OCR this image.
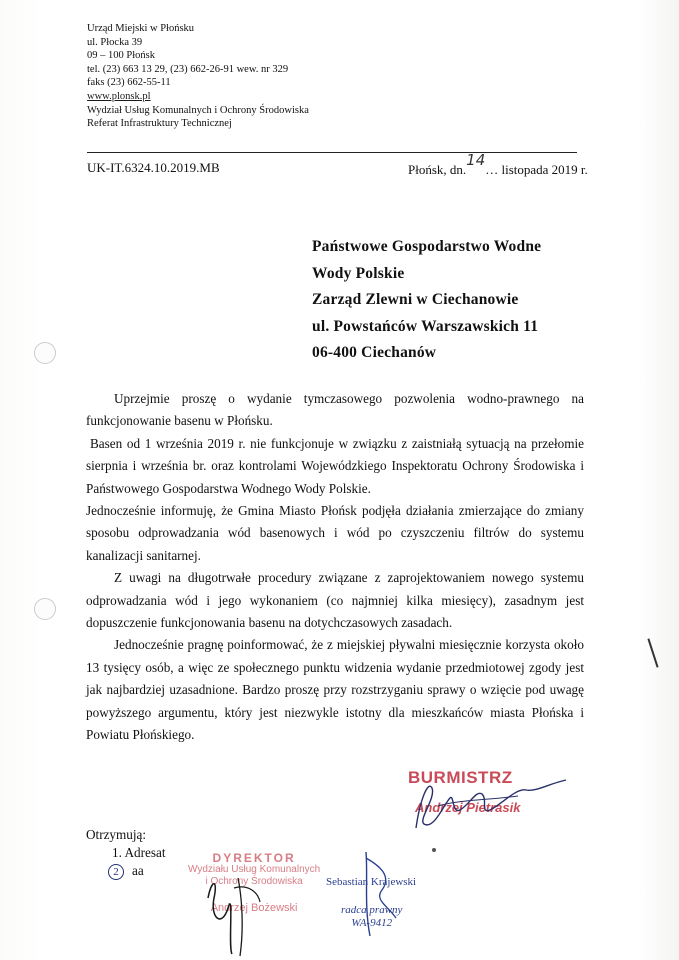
Urząd Miejski w Płońsku
ul. Płocka 39
09 – 100 Płońsk
tel. (23) 663 13 29, (23) 662-26-91 wew. nr 329
faks (23) 662-55-11
www.plonsk.pl
Wydział Usług Komunalnych i Ochrony Środowiska
Referat Infrastruktury Technicznej
UK-IT.6324.10.2019.MB	Płońsk, dn.14… listopada 2019 r.
Państwowe Gospodarstwo Wodne
Wody Polskie
Zarząd Zlewni w Ciechanowie
ul. Powstańców Warszawskich 11
06-400 Ciechanów

Uprzejmie proszę o wydanie tymczasowego pozwolenia wodno-prawnego na funkcjonowanie basenu w Płońsku.

Basen od 1 września 2019 r. nie funkcjonuje w związku z zaistniałą sytuacją na przełomie sierpnia i września br. oraz kontrolami Wojewódzkiego Inspektoratu Ochrony Środowiska i Państwowego Gospodarstwa Wodnego Wody Polskie.

Jednocześnie informuję, że Gmina Miasto Płońsk podjęła działania zmierzające do zmiany sposobu odprowadzania wód basenowych i wód po czyszczeniu filtrów do systemu kanalizacji sanitarnej.

Z uwagi na długotrwałe procedury związane z zaprojektowaniem nowego systemu odprowadzania wód i jego wykonaniem (co najmniej kilka miesięcy), zasadnym jest dopuszczenie funkcjonowania basenu na dotychczasowych zasadach.

Jednocześnie pragnę poinformować, że z miejskiej pływalni miesięcznie korzysta około 13 tysięcy osób, a więc ze społecznego punktu widzenia wydanie przedmiotowej zgody jest jak najbardziej uzasadnione. Bardzo proszę przy rozstrzyganiu sprawy o wzięcie pod uwagę powyższego argumentu, który jest niezwykle istotny dla mieszkańców miasta Płońska i Powiatu Płońskiego.

BURMISTRZ
Andrzej Pietrasik
Otrzymują:
1. Adresat
2 aa
DYREKTOR
Wydziału Usług Komunalnych
i Ochrony Środowiska
Andrzej Bożewski
Sebastian Krajewski
radca prawny
WA-9412
